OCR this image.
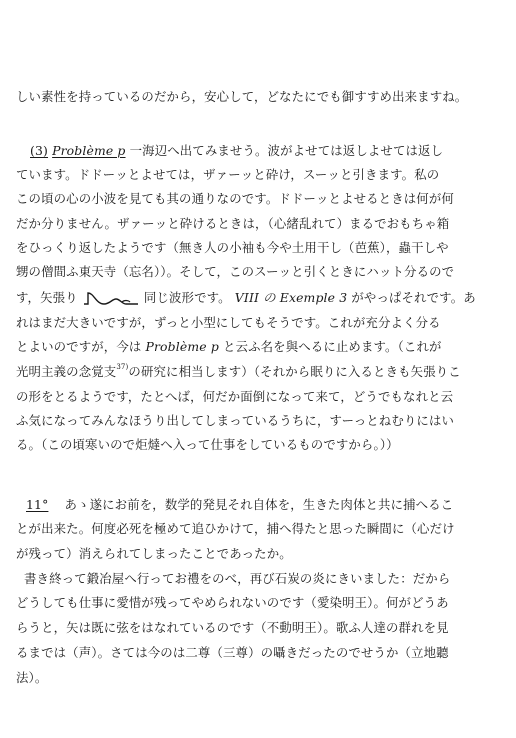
しい素性を持っているのだから，安心して，どなたにでも御すすめ出来ますね。
(3) Problème p 一海辺へ出てみませう。波がよせては返しよせては返し
ています。ドドーッとよせては，ザァーッと砕け，スーッと引きます。私の
この頃の心の小波を見ても其の通りなのです。ドドーッとよせるときは何が何
だか分りません。ザァーッと砕けるときは，（心緒乱れて）まるでおもちゃ箱
をひっくり返したようです（無き人の小袖も今や土用干し（芭蕉），蟲干しや
甥の僧間ふ東天寺（忘名））。そして，このスーッと引くときにハット分るので
す，矢張り	同じ波形です。 VIII の Exemple 3 がやっぱそれです。あ
れはまだ大きいですが，ずっと小型にしてもそうです。これが充分よく分る
とよいのですが，今は Problème p と云ふ名を與へるに止めます。（これが
光明主義の念覚支$^{37)}$の研究に相当します）（それから眠りに入るときも矢張りこ
の形をとるようです，たとへば，何だか面倒になって来て，どうでもなれと云
ふ気になってみんなほうり出してしまっているうちに，すーっとねむりにはい
る。（この頃寒いので炬燵へ入って仕事をしているものですから。））
11° あゝ遂にお前を，数学的発見それ自体を，生きた肉体と共に捕へるこ
とが出来た。何度必死を極めて追ひかけて，捕へ得たと思った瞬間に（心だけ
が残って）消えられてしまったことであったか。
書き終って鍛冶屋へ行ってお禮をのべ，再び石炭の炎にきいました：だから
どうしても仕事に愛惜が残ってやめられないのです（愛染明王）。何がどうあ
らうと，矢は既に弦をはなれているのです（不動明王）。歌ふ人達の群れを見
るまでは（声）。さては今のは二尊（三尊）の囁きだったのでせうか（立地聽
法）。
